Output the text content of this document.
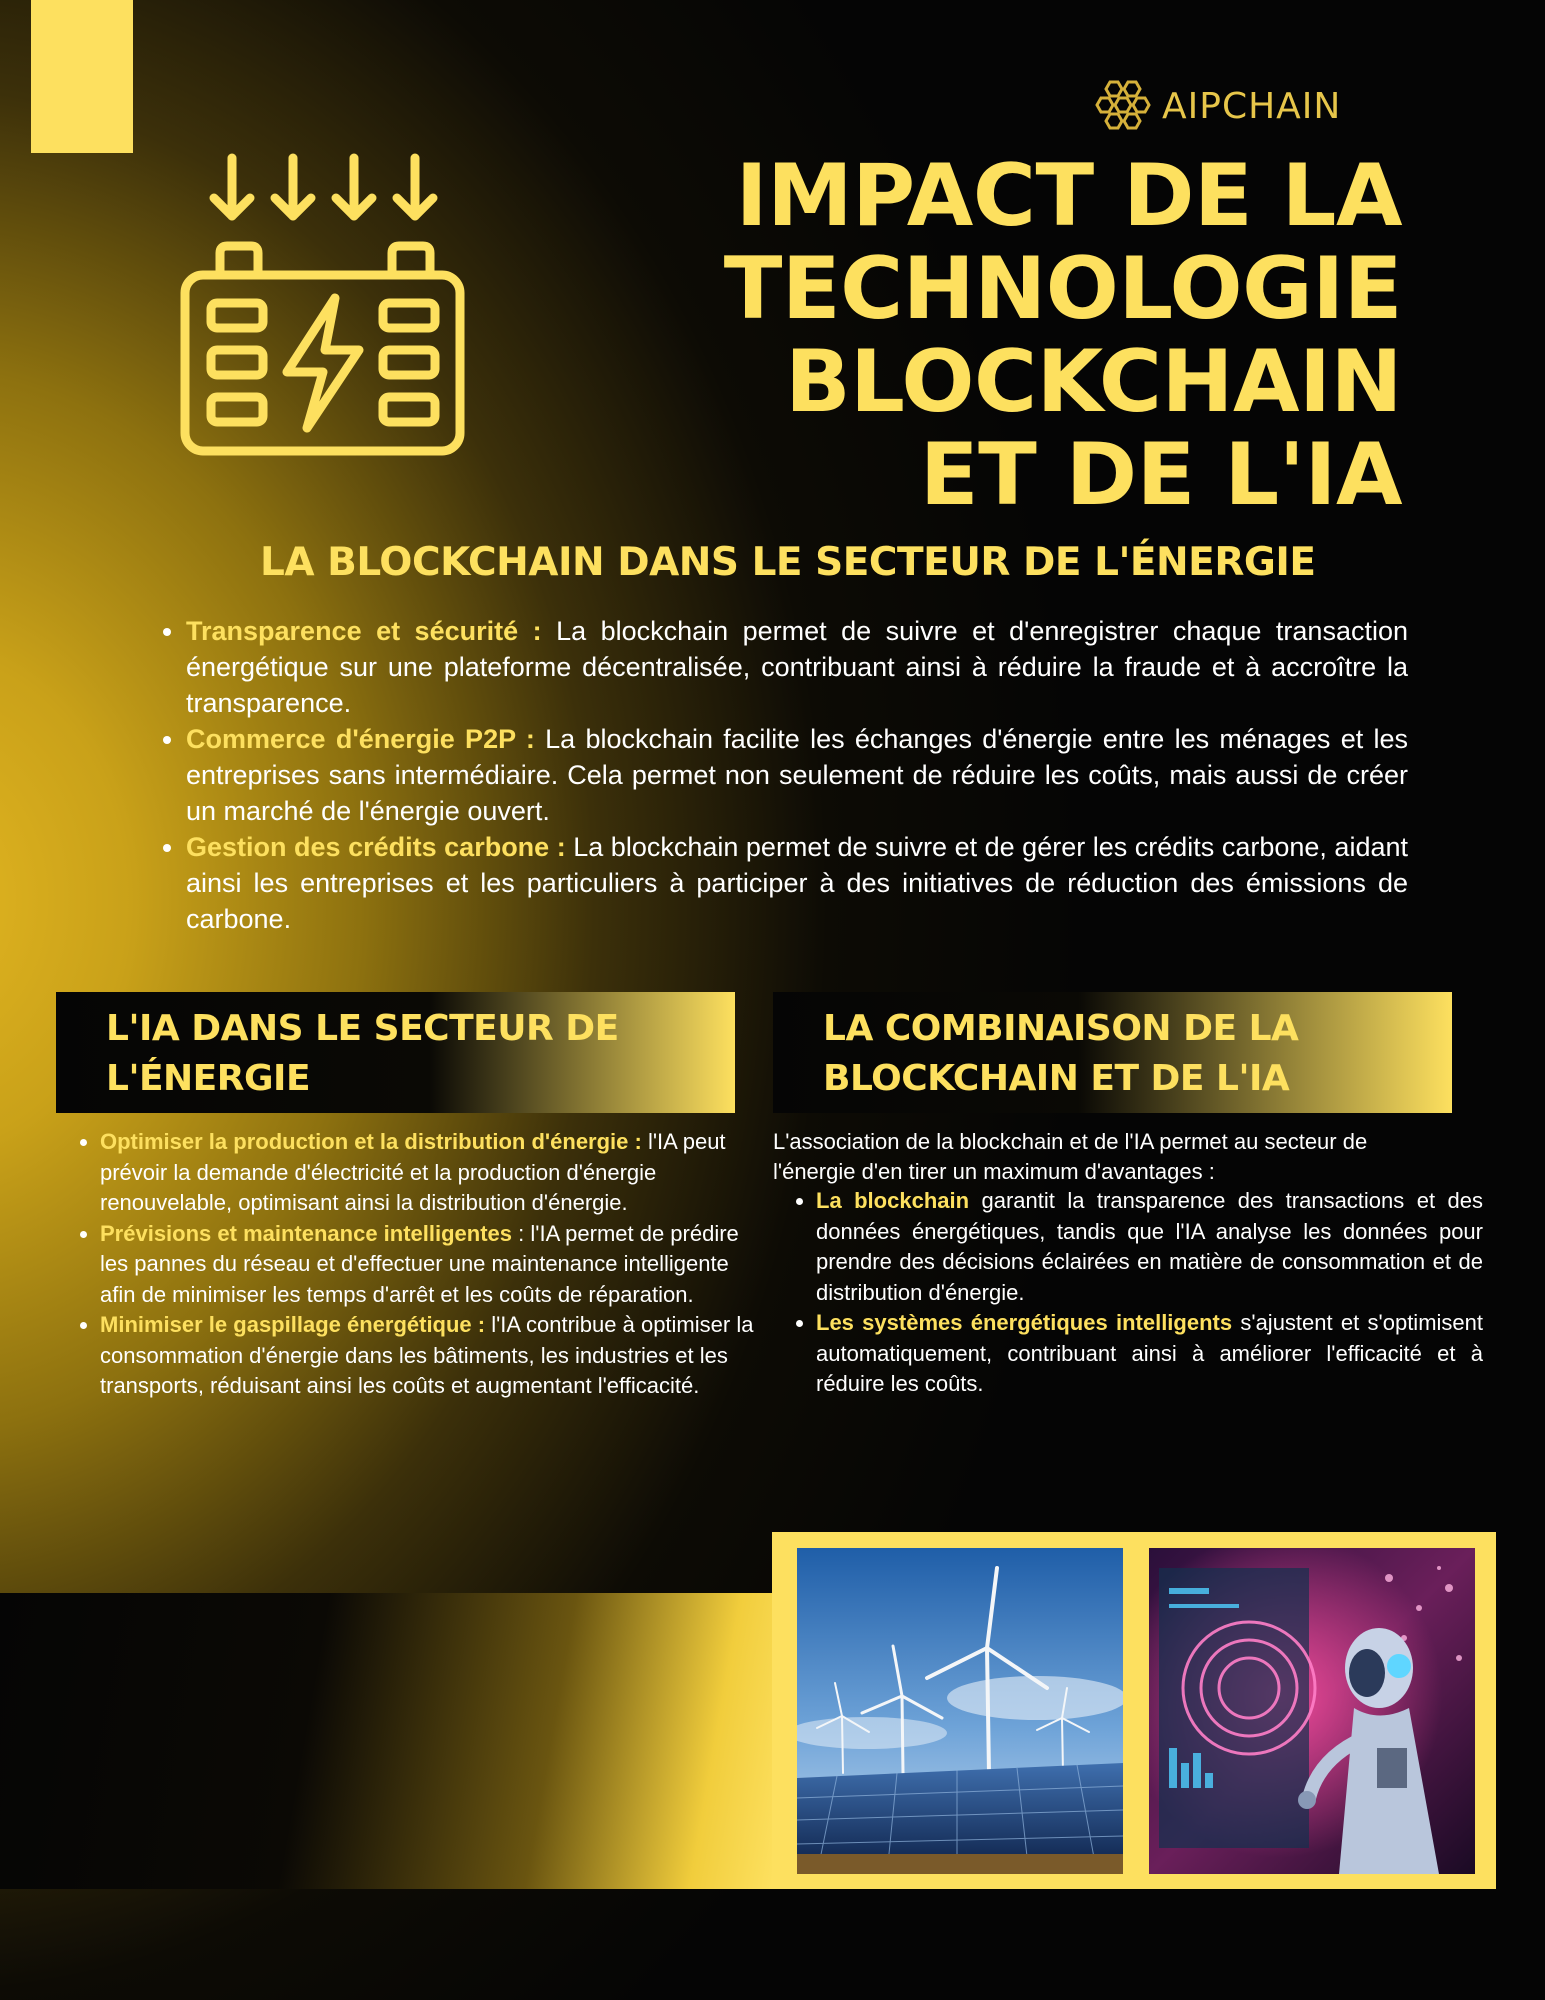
AIPCHAIN
IMPACT DE LA
TECHNOLOGIE
BLOCKCHAIN
ET DE L'IA
LA BLOCKCHAIN DANS LE SECTEUR DE L'ÉNERGIE
• Transparence et sécurité : La blockchain permet de suivre et d'enregistrer chaque transaction énergétique sur une plateforme décentralisée, contribuant ainsi à réduire la fraude et à accroître la transparence.
• Commerce d'énergie P2P : La blockchain facilite les échanges d'énergie entre les ménages et les entreprises sans intermédiaire. Cela permet non seulement de réduire les coûts, mais aussi de créer un marché de l'énergie ouvert.
• Gestion des crédits carbone : La blockchain permet de suivre et de gérer les crédits carbone, aidant ainsi les entreprises et les particuliers à participer à des initiatives de réduction des émissions de carbone.
L'IA DANS LE SECTEUR DE
L'ÉNERGIE
LA COMBINAISON DE LA
BLOCKCHAIN ET DE L'IA
• Optimiser la production et la distribution d'énergie : l'IA peut prévoir la demande d'électricité et la production d'énergie renouvelable, optimisant ainsi la distribution d'énergie.
• Prévisions et maintenance intelligentes : l'IA permet de prédire les pannes du réseau et d'effectuer une maintenance intelligente afin de minimiser les temps d'arrêt et les coûts de réparation.
• Minimiser le gaspillage énergétique : l'IA contribue à optimiser la consommation d'énergie dans les bâtiments, les industries et les transports, réduisant ainsi les coûts et augmentant l'efficacité.

L'association de la blockchain et de l'IA permet au secteur de l'énergie d'en tirer un maximum d'avantages :

• La blockchain garantit la transparence des transactions et des données énergétiques, tandis que l'IA analyse les données pour prendre des décisions éclairées en matière de consommation et de distribution d'énergie.
• Les systèmes énergétiques intelligents s'ajustent et s'optimisent automatiquement, contribuant ainsi à améliorer l'efficacité et à réduire les coûts.
